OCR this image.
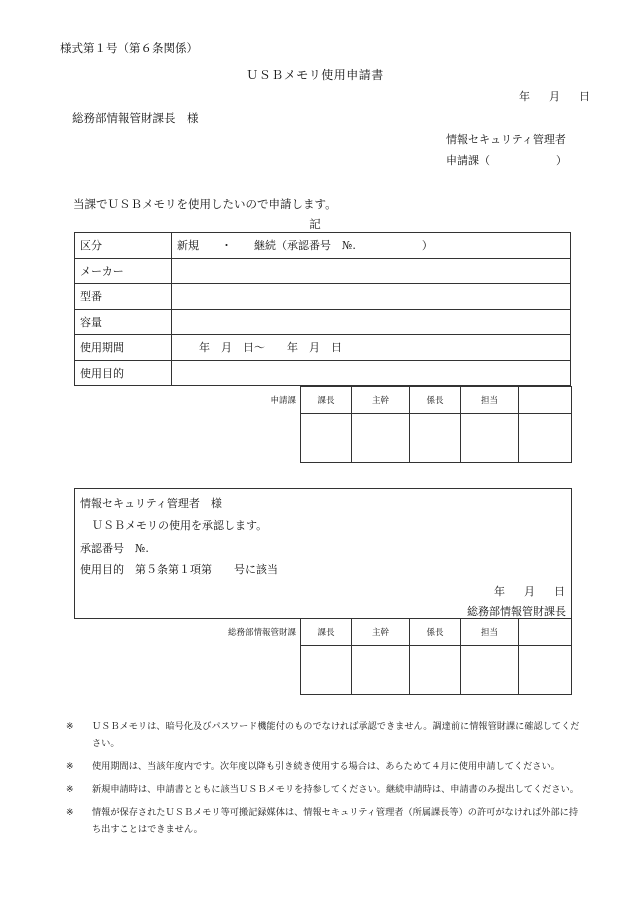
様式第１号（第６条関係）
ＵＳＢメモリ使用申請書
年 月 日
総務部情報管財課長　様
情報セキュリティ管理者
申請課（　　　　　　）
当課でＵＳＢメモリを使用したいので申請します。
記
区分	新規　　・　　継続（承認番号　№.　　　　　　）
メーカー	
型番	
容量	
使用期間	年 月 日～ 年 月 日
使用目的	
申請課	課長	主幹	係長	担当	

情報セキュリティ管理者　様
ＵＳＢメモリの使用を承認します。
承認番号　№.
使用目的　第５条第１項第　　号に該当
年 月 日
総務部情報管財課長
総務部情報管財課	課長	主幹	係長	担当	

※	ＵＳＢメモリは、暗号化及びパスワード機能付のものでなければ承認できません。調達前に情報管財課に確認してください。
※	使用期間は、当該年度内です。次年度以降も引き続き使用する場合は、あらためて４月に使用申請してください。
※	新規申請時は、申請書とともに該当ＵＳＢメモリを持参してください。継続申請時は、申請書のみ提出してください。
※	情報が保存されたＵＳＢメモリ等可搬記録媒体は、情報セキュリティ管理者（所属課長等）の許可がなければ外部に持ち出すことはできません。
